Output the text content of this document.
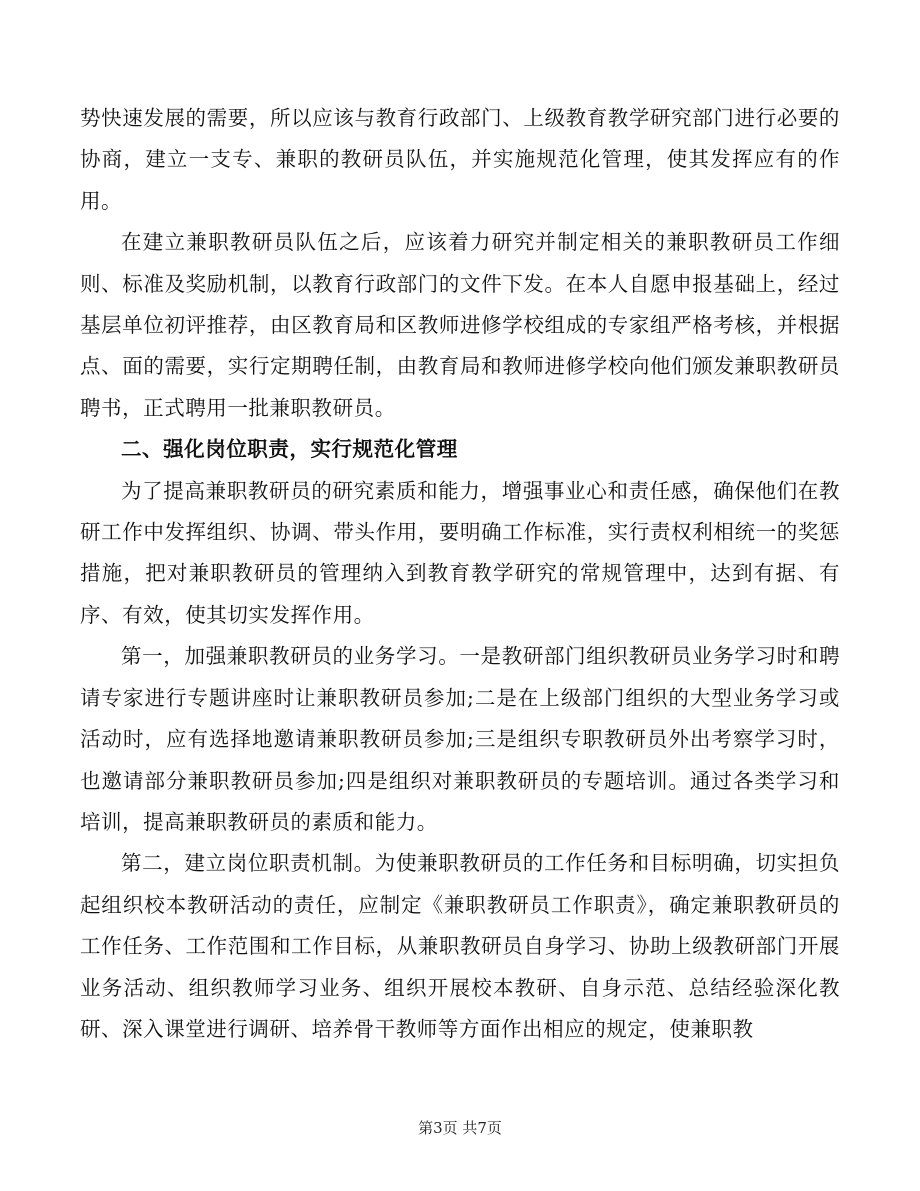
势快速发展的需要，所以应该与教育行政部门、上级教育教学研究部门进行必要的协商，建立一支专、兼职的教研员队伍，并实施规范化管理，使其发挥应有的作用。

在建立兼职教研员队伍之后，应该着力研究并制定相关的兼职教研员工作细则、标准及奖励机制，以教育行政部门的文件下发。在本人自愿申报基础上，经过基层单位初评推荐，由区教育局和区教师进修学校组成的专家组严格考核，并根据点、面的需要，实行定期聘任制，由教育局和教师进修学校向他们颁发兼职教研员聘书，正式聘用一批兼职教研员。

二、强化岗位职责，实行规范化管理

为了提高兼职教研员的研究素质和能力，增强事业心和责任感，确保他们在教研工作中发挥组织、协调、带头作用，要明确工作标准，实行责权利相统一的奖惩措施，把对兼职教研员的管理纳入到教育教学研究的常规管理中，达到有据、有序、有效，使其切实发挥作用。

第一，加强兼职教研员的业务学习。一是教研部门组织教研员业务学习时和聘请专家进行专题讲座时让兼职教研员参加;二是在上级部门组织的大型业务学习或活动时，应有选择地邀请兼职教研员参加;三是组织专职教研员外出考察学习时，也邀请部分兼职教研员参加;四是组织对兼职教研员的专题培训。通过各类学习和培训，提高兼职教研员的素质和能力。

第二，建立岗位职责机制。为使兼职教研员的工作任务和目标明确，切实担负起组织校本教研活动的责任，应制定《兼职教研员工作职责》，确定兼职教研员的工作任务、工作范围和工作目标，从兼职教研员自身学习、协助上级教研部门开展业务活动、组织教师学习业务、组织开展校本教研、自身示范、总结经验深化教研、深入课堂进行调研、培养骨干教师等方面作出相应的规定，使兼职教

第3页 共7页
